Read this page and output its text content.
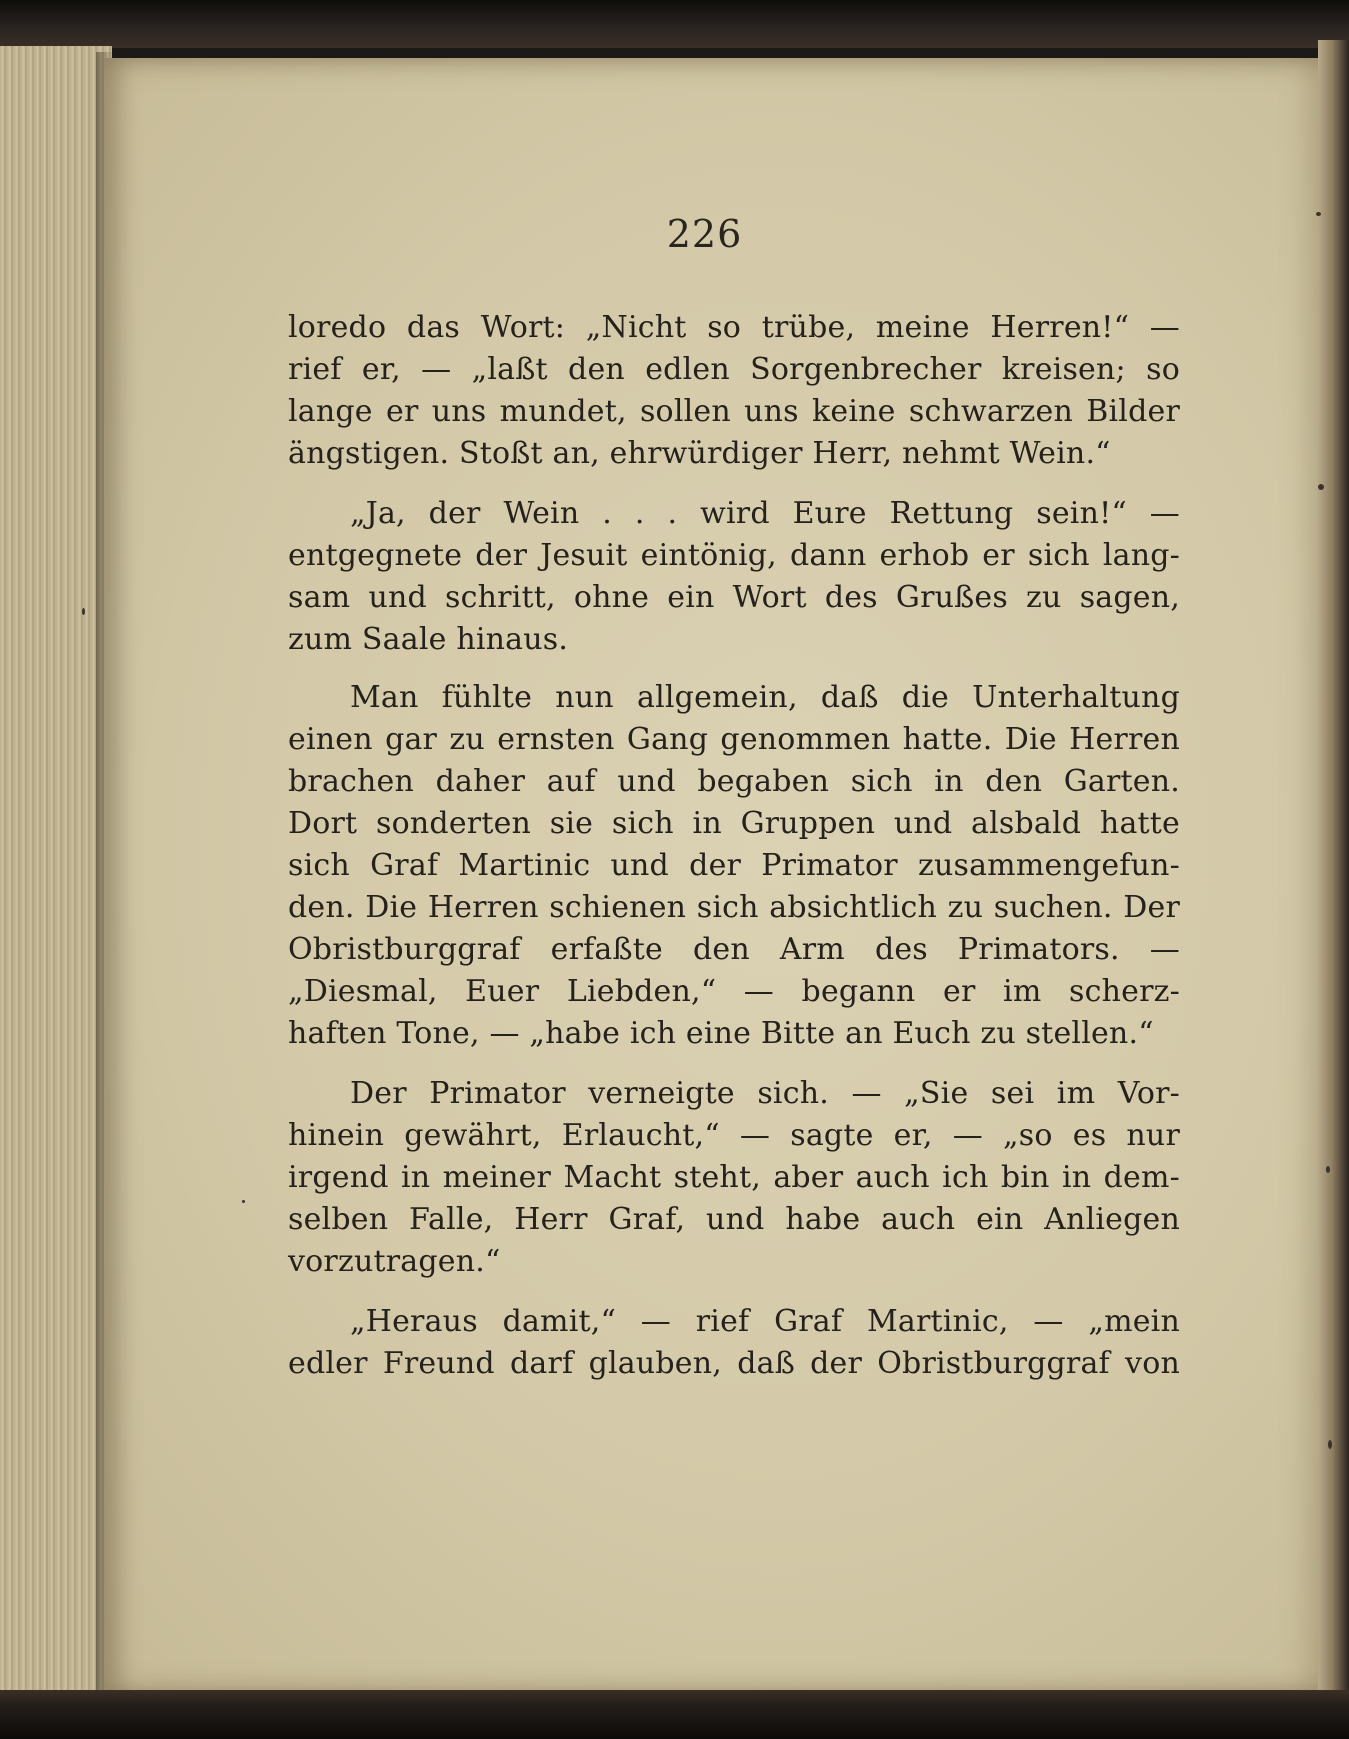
226
loredo das Wort: „Nicht so trübe, meine Herren!“ —
rief er, — „laßt den edlen Sorgenbrecher kreisen; so
lange er uns mundet, sollen uns keine schwarzen Bilder
ängstigen. Stoßt an, ehrwürdiger Herr, nehmt Wein.“
„Ja, der Wein . . . wird Eure Rettung sein!“ —
entgegnete der Jesuit eintönig, dann erhob er sich lang-
sam und schritt, ohne ein Wort des Grußes zu sagen,
zum Saale hinaus.
Man fühlte nun allgemein, daß die Unterhaltung
einen gar zu ernsten Gang genommen hatte. Die Herren
brachen daher auf und begaben sich in den Garten.
Dort sonderten sie sich in Gruppen und alsbald hatte
sich Graf Martinic und der Primator zusammengefun-
den. Die Herren schienen sich absichtlich zu suchen. Der
Obristburggraf erfaßte den Arm des Primators. —
„Diesmal, Euer Liebden,“ — begann er im scherz-
haften Tone, — „habe ich eine Bitte an Euch zu stellen.“
Der Primator verneigte sich. — „Sie sei im Vor-
hinein gewährt, Erlaucht,“ — sagte er, — „so es nur
irgend in meiner Macht steht, aber auch ich bin in dem-
selben Falle, Herr Graf, und habe auch ein Anliegen
vorzutragen.“
„Heraus damit,“ — rief Graf Martinic, — „mein
edler Freund darf glauben, daß der Obristburggraf von
